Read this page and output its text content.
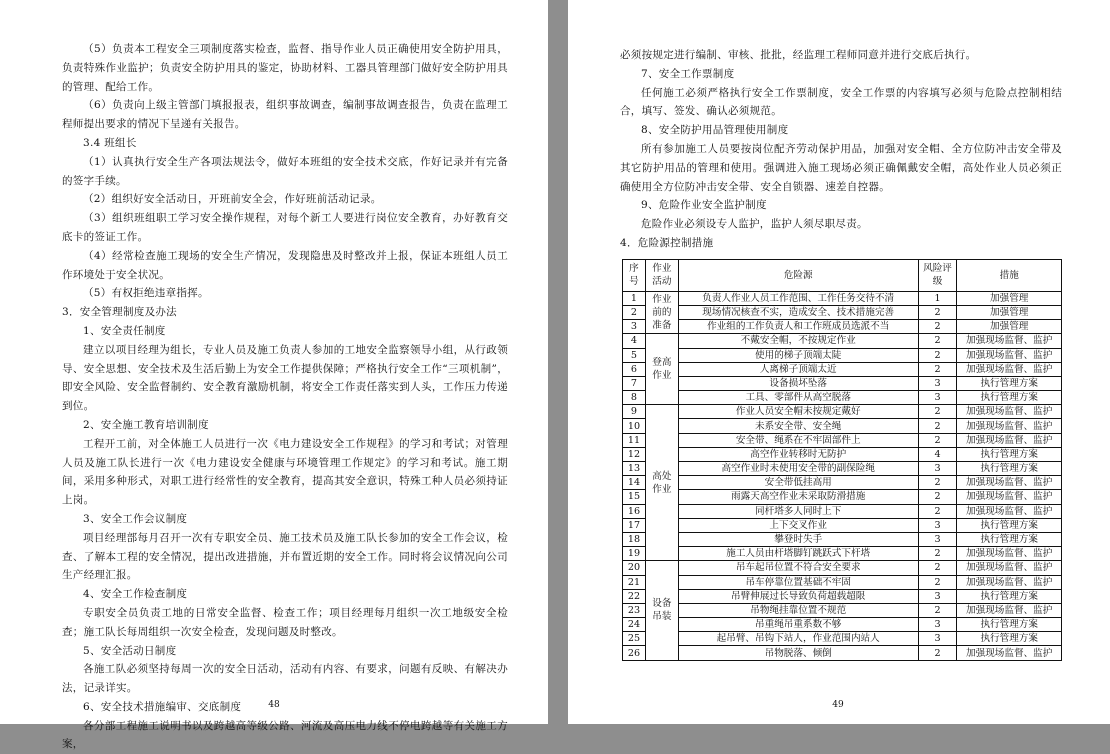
（5）负责本工程安全三项制度落实检查，监督、指导作业人员正确使用安全防护用具，负责特殊作业监护；负责安全防护用具的鉴定，协助材料、工器具管理部门做好安全防护用具的管理、配给工作。

（6）负责向上级主管部门填报报表，组织事故调查，编制事故调查报告，负责在监理工程师提出要求的情况下呈递有关报告。

3.4 班组长

（1）认真执行安全生产各项法规法令，做好本班组的安全技术交底，作好记录并有完备的签字手续。

（2）组织好安全活动日，开班前安全会，作好班前活动记录。

（3）组织班组职工学习安全操作规程，对每个新工人要进行岗位安全教育，办好教育交底卡的签证工作。

（4）经常检查施工现场的安全生产情况，发现隐患及时整改并上报，保证本班组人员工作环境处于安全状况。

（5）有权拒绝违章指挥。

3．安全管理制度及办法

1、安全责任制度

建立以项目经理为组长，专业人员及施工负责人参加的工地安全监察领导小组，从行政领导、安全思想、安全技术及生活后勤上为安全工作提供保障；严格执行安全工作“三项机制”，即安全风险、安全监督制约、安全教育激励机制，将安全工作责任落实到人头，工作压力传递到位。

2、安全施工教育培训制度

工程开工前，对全体施工人员进行一次《电力建设安全工作规程》的学习和考试；对管理人员及施工队长进行一次《电力建设安全健康与环境管理工作规定》的学习和考试。施工期间，采用多种形式，对职工进行经常性的安全教育，提高其安全意识，特殊工种人员必须持证上岗。

3、安全工作会议制度

项目经理部每月召开一次有专职安全员、施工技术员及施工队长参加的安全工作会议，检查、了解本工程的安全情况，提出改进措施，并布置近期的安全工作。同时将会议情况向公司生产经理汇报。

4、安全工作检查制度

专职安全员负责工地的日常安全监督、检查工作；项目经理每月组织一次工地级安全检查；施工队长每周组织一次安全检查，发现问题及时整改。

5、安全活动日制度

各施工队必须坚持每周一次的安全日活动，活动有内容、有要求，问题有反映、有解决办法，记录详实。

6、安全技术措施编审、交底制度

各分部工程施工说明书以及跨越高等级公路、河流及高压电力线不停电跨越等有关施工方案，

48

必须按规定进行编制、审核、批批，经监理工程师同意并进行交底后执行。

7、安全工作票制度

任何施工必须严格执行安全工作票制度，安全工作票的内容填写必须与危险点控制相结合，填写、签发、确认必须规范。

8、安全防护用品管理使用制度

所有参加施工人员要按岗位配齐劳动保护用品，加强对安全帽、全方位防冲击安全带及其它防护用品的管理和使用。强调进入施工现场必须正确佩戴安全帽，高处作业人员必须正确使用全方位防冲击安全带、安全自锁器、速差自控器。

9、危险作业安全监护制度

危险作业必须设专人监护，监护人须尽职尽责。

4．危险源控制措施

序号	作业活动	危险源	风险评级	措施
1	作业前的准备	负责人作业人员工作范围、工作任务交待不清	1	加强管理
2		现场情况核查不实，造成安全、技术措施完善	2	加强管理
3		作业组的工作负责人和工作班成员选派不当	2	加强管理
4	登高作业	不戴安全帽，不按规定作业	2	加强现场监督、监护
5		使用的梯子顶端太陡	2	加强现场监督、监护
6		人离梯子顶端太近	2	加强现场监督、监护
7		设备损坏坠落	3	执行管理方案
8		工具、零部件从高空脱落	3	执行管理方案
9	高处作业	作业人员安全帽未按规定戴好	2	加强现场监督、监护
10		未系安全带、安全绳	2	加强现场监督、监护
11		安全带、绳系在不牢固部件上	2	加强现场监督、监护
12		高空作业转移时无防护	4	执行管理方案
13		高空作业时未使用安全带的副保险绳	3	执行管理方案
14		安全带低挂高用	2	加强现场监督、监护
15		雨露天高空作业未采取防滑措施	2	加强现场监督、监护
16		同杆塔多人同时上下	2	加强现场监督、监护
17		上下交叉作业	3	执行管理方案
18		攀登时失手	3	执行管理方案
19		施工人员由杆塔脚钉跳跃式下杆塔	2	加强现场监督、监护
20	设备吊装	吊车起吊位置不符合安全要求	2	加强现场监督、监护
21		吊车停靠位置基础不牢固	2	加强现场监督、监护
22		吊臂伸展过长导致负荷超载超限	3	执行管理方案
23		吊物绳挂靠位置不规范	2	加强现场监督、监护
24		吊重绳吊重系数不够	3	执行管理方案
25		起吊臂、吊钩下站人，作业范围内站人	3	执行管理方案
26		吊物脱落、倾倒	2	加强现场监督、监护
49
